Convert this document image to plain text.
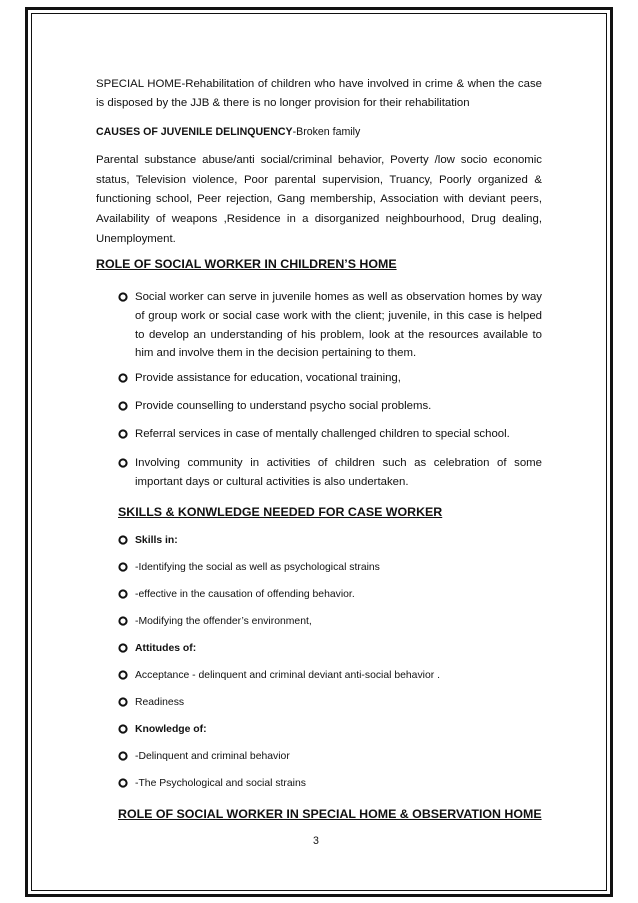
SPECIAL HOME-Rehabilitation of children who have involved in crime & when the case is disposed by the JJB & there is no longer provision for their rehabilitation

CAUSES OF JUVENILE DELINQUENCY-Broken family

Parental substance abuse/anti social/criminal behavior, Poverty /low socio economic status, Television violence, Poor parental supervision, Truancy, Poorly organized & functioning school, Peer rejection, Gang membership, Association with deviant peers, Availability of weapons ,Residence in a disorganized neighbourhood, Drug dealing, Unemployment.

ROLE OF SOCIAL WORKER IN CHILDREN’S HOME
Social worker can serve in juvenile homes as well as observation homes by way of group work or social case work with the client; juvenile, in this case is helped to develop an understanding of his problem, look at the resources available to him and involve them in the decision pertaining to them.
Provide assistance for education, vocational training,
Provide counselling to understand psycho social problems.
Referral services in case of mentally challenged children to special school.
Involving community in activities of children such as celebration of some important days or cultural activities is also undertaken.
SKILLS & KONWLEDGE NEEDED FOR CASE WORKER
Skills in:
-Identifying the social as well as psychological strains
-effective in the causation of offending behavior.
-Modifying the offender’s environment,
Attitudes of:
Acceptance - delinquent and criminal deviant anti-social behavior .
Readiness
Knowledge of:
-Delinquent and criminal behavior
-The Psychological and social strains
ROLE OF SOCIAL WORKER IN SPECIAL HOME & OBSERVATION HOME
3
